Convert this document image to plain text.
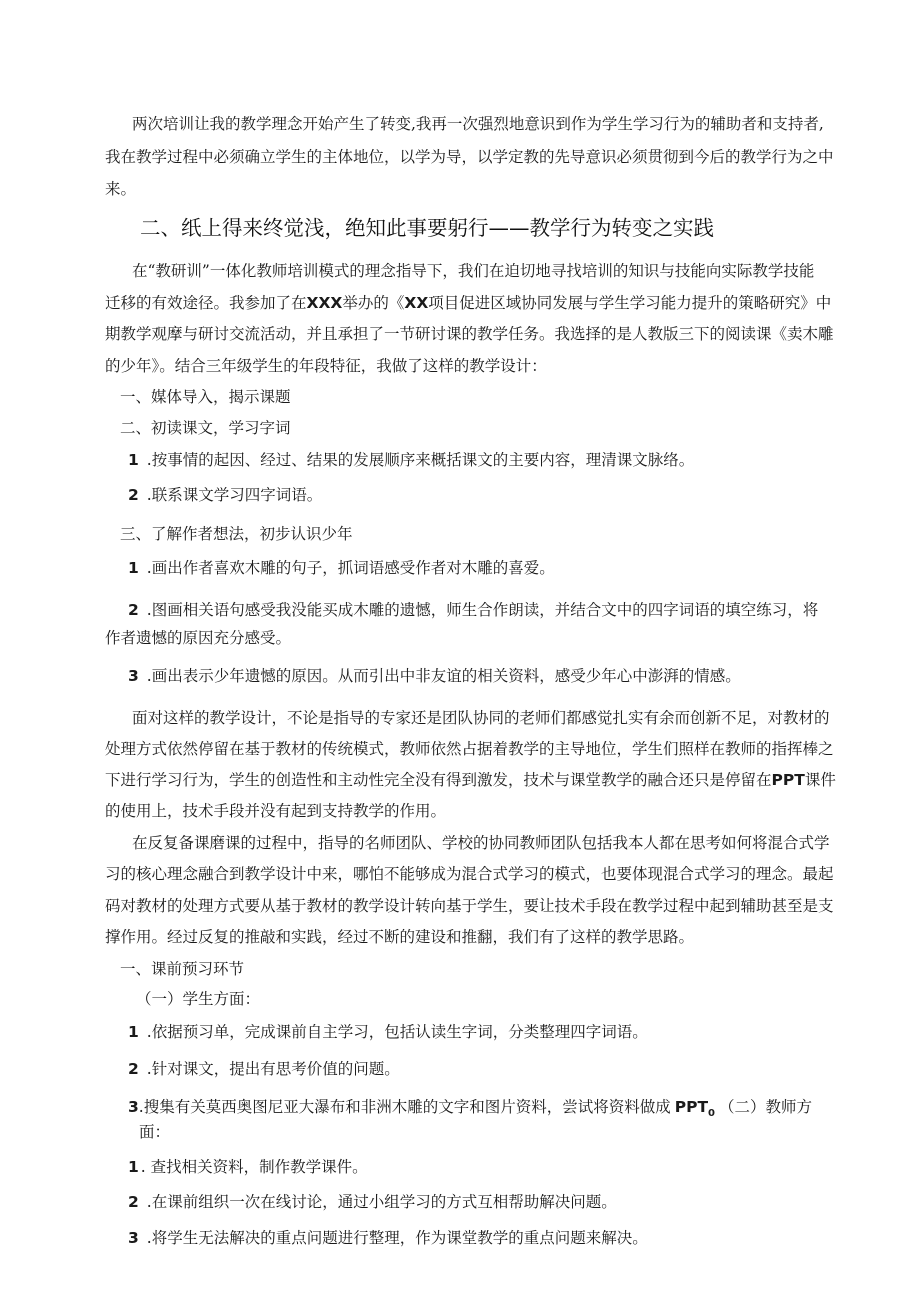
两次培训让我的教学理念开始产生了转变,我再一次强烈地意识到作为学生学习行为的辅助者和支持者,
我在教学过程中必须确立学生的主体地位，以学为导，以学定教的先导意识必须贯彻到今后的教学行为之中
来。
二、纸上得来终觉浅，绝知此事要躬行——教学行为转变之实践
在“教研训”一体化教师培训模式的理念指导下，我们在迫切地寻找培训的知识与技能向实际教学技能
迁移的有效途径。我参加了在XXX举办的《XX项目促进区域协同发展与学生学习能力提升的策略研究》中
期教学观摩与研讨交流活动，并且承担了一节研讨课的教学任务。我选择的是人教版三下的阅读课《卖木雕
的少年》。结合三年级学生的年段特征，我做了这样的教学设计：
一、媒体导入，揭示课题
二、初读课文，学习字词
1 .按事情的起因、经过、结果的发展顺序来概括课文的主要内容，理清课文脉络。
2 .联系课文学习四字词语。
三、了解作者想法，初步认识少年
1 .画出作者喜欢木雕的句子，抓词语感受作者对木雕的喜爱。
2 .图画相关语句感受我没能买成木雕的遗憾，师生合作朗读，并结合文中的四字词语的填空练习，将
作者遗憾的原因充分感受。
3 .画出表示少年遗憾的原因。从而引出中非友谊的相关资料，感受少年心中澎湃的情感。
面对这样的教学设计，不论是指导的专家还是团队协同的老师们都感觉扎实有余而创新不足，对教材的
处理方式依然停留在基于教材的传统模式，教师依然占据着教学的主导地位，学生们照样在教师的指挥棒之
下进行学习行为，学生的创造性和主动性完全没有得到激发，技术与课堂教学的融合还只是停留在PPT课件
的使用上，技术手段并没有起到支持教学的作用。
在反复备课磨课的过程中，指导的名师团队、学校的协同教师团队包括我本人都在思考如何将混合式学
习的核心理念融合到教学设计中来，哪怕不能够成为混合式学习的模式，也要体现混合式学习的理念。最起
码对教材的处理方式要从基于教材的教学设计转向基于学生，要让技术手段在教学过程中起到辅助甚至是支
撑作用。经过反复的推敲和实践，经过不断的建设和推翻，我们有了这样的教学思路。
一、课前预习环节
（一）学生方面：
1 .依据预习单，完成课前自主学习，包括认读生字词，分类整理四字词语。
2 .针对课文，提出有思考价值的问题。
3.搜集有关莫西奥图尼亚大瀑布和非洲木雕的文字和图片资料，尝试将资料做成 $PPT_0$ （二）教师方
面：
1 . 查找相关资料，制作教学课件。
2 .在课前组织一次在线讨论，通过小组学习的方式互相帮助解决问题。
3 .将学生无法解决的重点问题进行整理，作为课堂教学的重点问题来解决。
